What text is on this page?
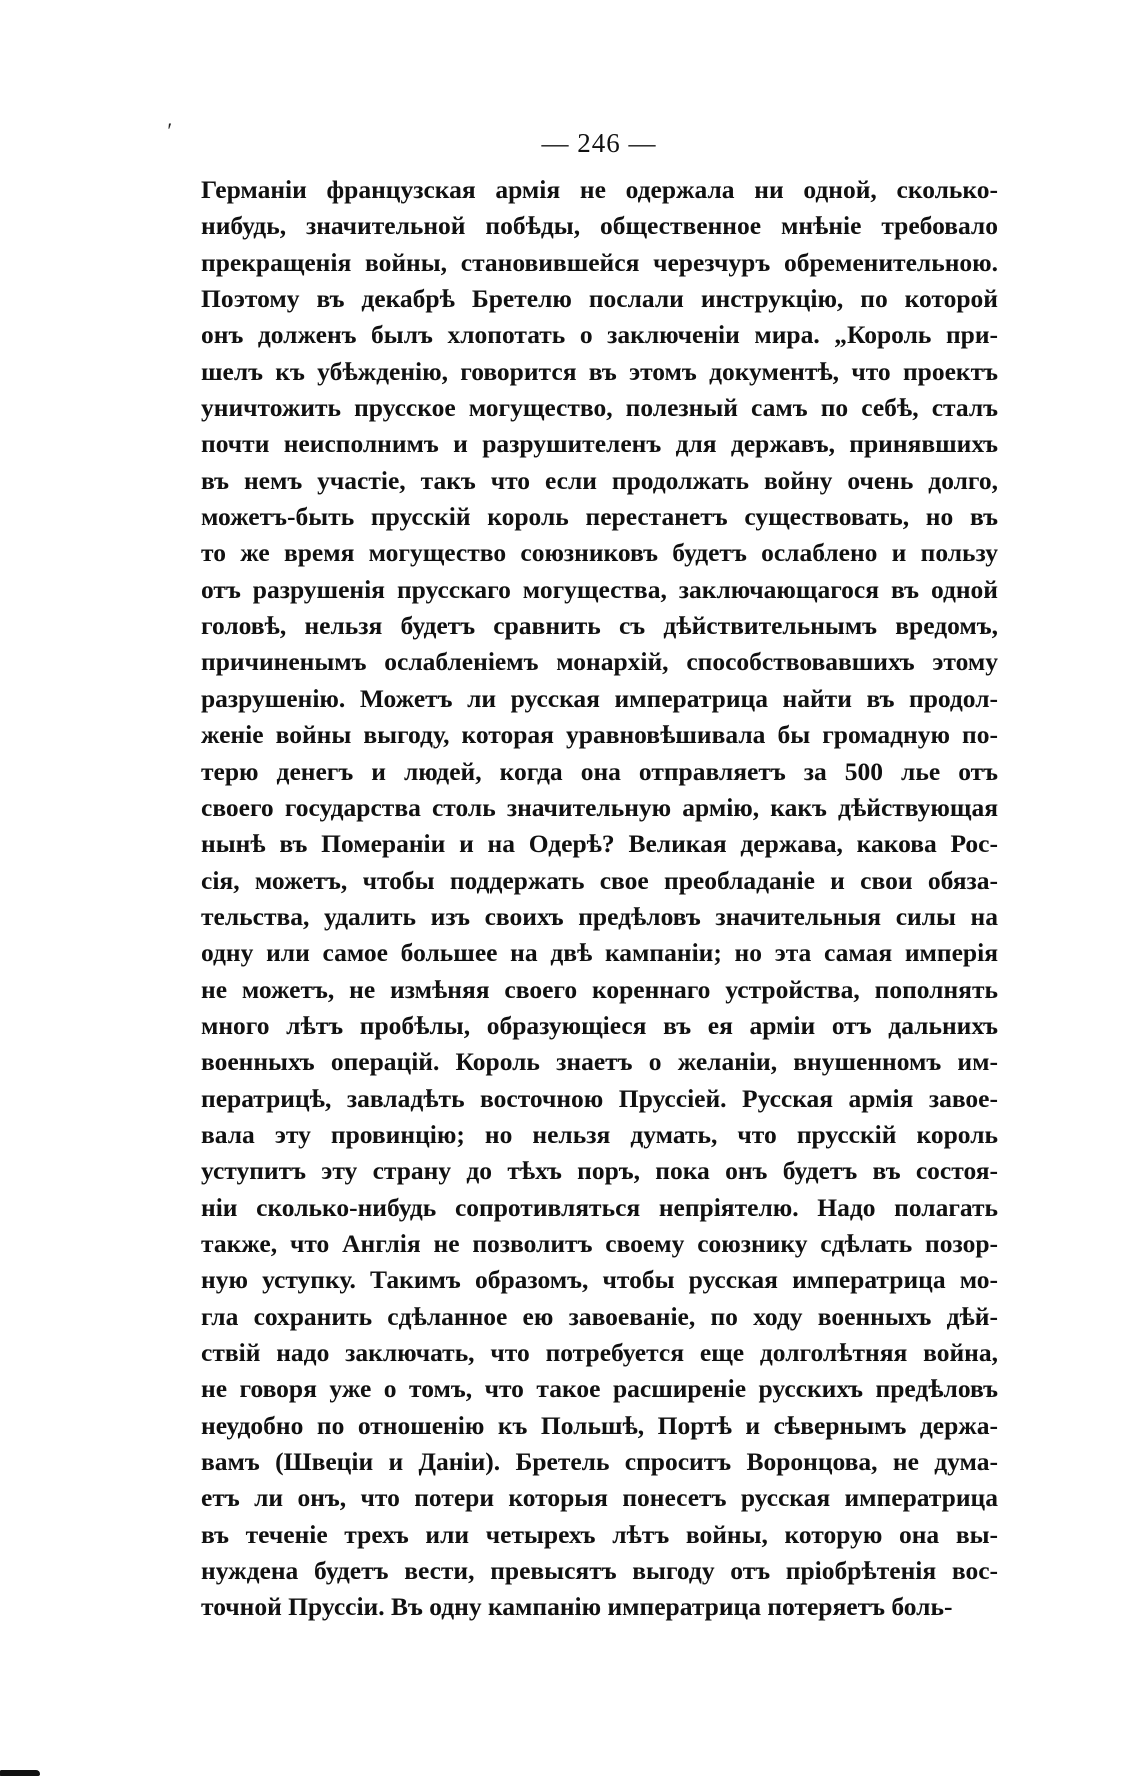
′	— 246 —
Германіи французская армія не одержала ни одной, сколько-
нибудь, значительной побѣды, общественное мнѣніе требовало
прекращенія войны, становившейся черезчуръ обременительною.
Поэтому въ декабрѣ Бретелю послали инструкцію, по которой
онъ долженъ былъ хлопотать о заключеніи мира. „Король при-
шелъ къ убѣжденію, говорится въ этомъ документѣ, что проектъ
уничтожить прусское могущество, полезный самъ по себѣ, сталъ
почти неисполнимъ и разрушителенъ для державъ, принявшихъ
въ немъ участіе, такъ что если продолжать войну очень долго,
можетъ-быть прусскій король перестанетъ существовать, но въ
то же время могущество союзниковъ будетъ ослаблено и пользу
отъ разрушенія прусскаго могущества, заключающагося въ одной
головѣ, нельзя будетъ сравнить съ дѣйствительнымъ вредомъ,
причиненымъ ослабленіемъ монархій, способствовавшихъ этому
разрушенію. Можетъ ли русская императрица найти въ продол-
женіе войны выгоду, которая уравновѣшивала бы громадную по-
терю денегъ и людей, когда она отправляетъ за 500 лье отъ
своего государства столь значительную армію, какъ дѣйствующая
нынѣ въ Помераніи и на Одерѣ? Великая держава, какова Рос-
сія, можетъ, чтобы поддержать свое преобладаніе и свои обяза-
тельства, удалить изъ своихъ предѣловъ значительныя силы на
одну или самое большее на двѣ кампаніи; но эта самая имперія
не можетъ, не измѣняя своего кореннаго устройства, пополнять
много лѣтъ пробѣлы, образующіеся въ ея арміи отъ дальнихъ
военныхъ операцій. Король знаетъ о желаніи, внушенномъ им-
ператрицѣ, завладѣть восточною Пруссіей. Русская армія завое-
вала эту провинцію; но нельзя думать, что прусскій король
уступитъ эту страну до тѣхъ поръ, пока онъ будетъ въ состоя-
ніи сколько-нибудь сопротивляться непріятелю. Надо полагать
также, что Англія не позволитъ своему союзнику сдѣлать позор-
ную уступку. Такимъ образомъ, чтобы русская императрица мо-
гла сохранить сдѣланное ею завоеваніе, по ходу военныхъ дѣй-
ствій надо заключать, что потребуется еще долголѣтняя война,
не говоря уже о томъ, что такое расширеніе русскихъ предѣловъ
неудобно по отношенію къ Польшѣ, Портѣ и сѣвернымъ держа-
вамъ (Швеціи и Даніи). Бретель спроситъ Воронцова, не дума-
етъ ли онъ, что потери которыя понесетъ русская императрица
въ теченіе трехъ или четырехъ лѣтъ войны, которую она вы-
нуждена будетъ вести, превысятъ выгоду отъ пріобрѣтенія вос-
точной Пруссіи. Въ одну кампанію императрица потеряетъ боль-
